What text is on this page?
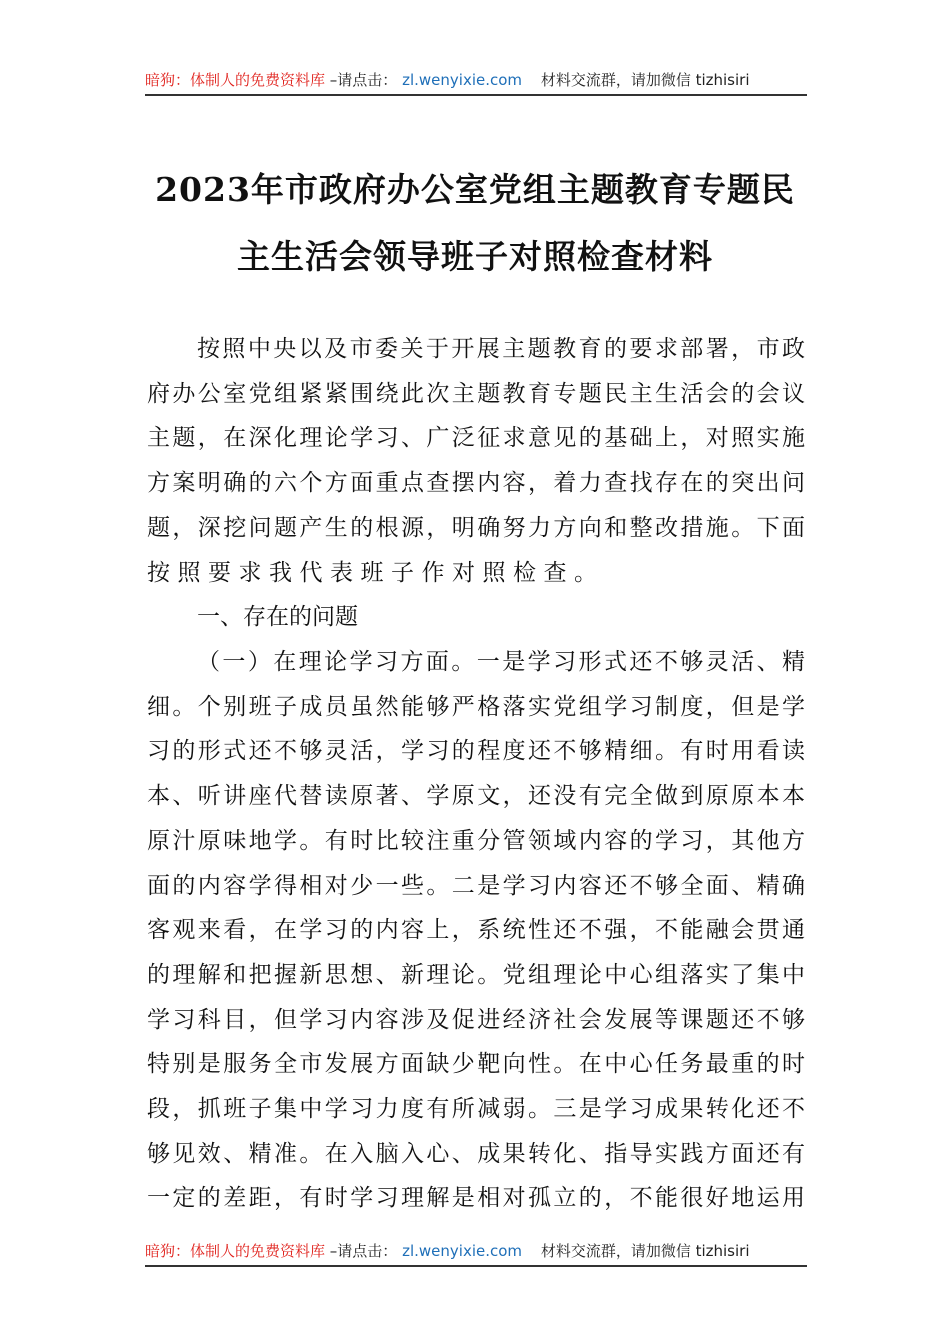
暗狗：体制人的免费资料库 –请点击： zl.wenyixie.com 材料交流群，请加微信 tizhisiri
2023年市政府办公室党组主题教育专题民
主生活会领导班子对照检查材料
按照中央以及市委关于开展主题教育的要求部署，市政
府办公室党组紧紧围绕此次主题教育专题民主生活会的会议
主题，在深化理论学习、广泛征求意见的基础上，对照实施
方案明确的六个方面重点查摆内容，着力查找存在的突出问
题，深挖问题产生的根源，明确努力方向和整改措施。下面
按照要求我代表班子作对照检查。
一、存在的问题
（一）在理论学习方面。一是学习形式还不够灵活、精
细。个别班子成员虽然能够严格落实党组学习制度，但是学
习的形式还不够灵活，学习的程度还不够精细。有时用看读
本、听讲座代替读原著、学原文，还没有完全做到原原本本
原汁原味地学。有时比较注重分管领域内容的学习，其他方
面的内容学得相对少一些。二是学习内容还不够全面、精确
客观来看，在学习的内容上，系统性还不强，不能融会贯通
的理解和把握新思想、新理论。党组理论中心组落实了集中
学习科目，但学习内容涉及促进经济社会发展等课题还不够
特别是服务全市发展方面缺少靶向性。在中心任务最重的时
段，抓班子集中学习力度有所减弱。三是学习成果转化还不
够见效、精准。在入脑入心、成果转化、指导实践方面还有
一定的差距，有时学习理解是相对孤立的，不能很好地运用
暗狗：体制人的免费资料库 –请点击： zl.wenyixie.com 材料交流群，请加微信 tizhisiri
